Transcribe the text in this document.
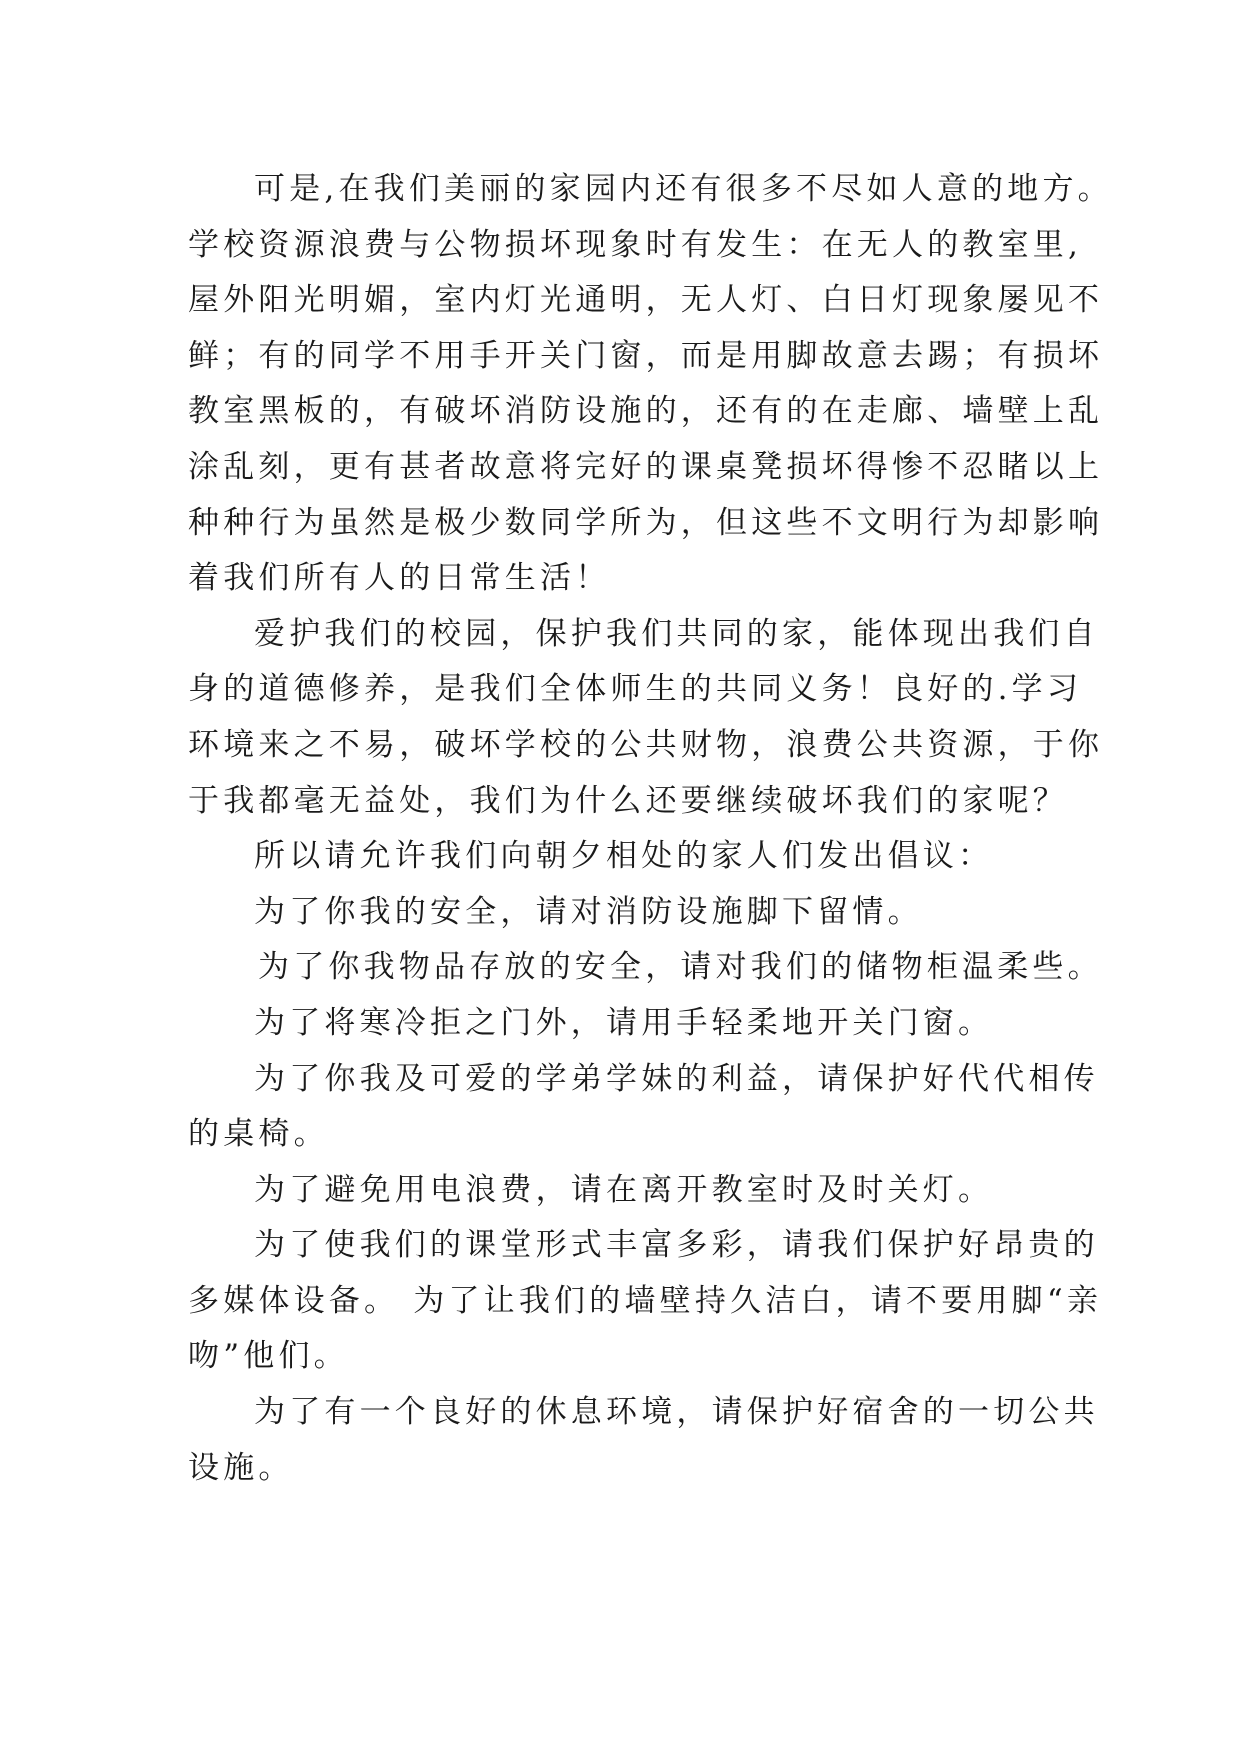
可是,在我们美丽的家园内还有很多不尽如人意的地方。
学校资源浪费与公物损坏现象时有发生：在无人的教室里,
屋外阳光明媚，室内灯光通明，无人灯、白日灯现象屡见不
鲜；有的同学不用手开关门窗，而是用脚故意去踢；有损坏
教室黑板的，有破坏消防设施的，还有的在走廊、墙壁上乱
涂乱刻，更有甚者故意将完好的课桌凳损坏得惨不忍睹以上
种种行为虽然是极少数同学所为，但这些不文明行为却影响
着我们所有人的日常生活！
爱护我们的校园，保护我们共同的家，能体现出我们自
身的道德修养，是我们全体师生的共同义务！良好的.学习
环境来之不易，破坏学校的公共财物，浪费公共资源，于你
于我都毫无益处，我们为什么还要继续破坏我们的家呢？
所以请允许我们向朝夕相处的家人们发出倡议：
为了你我的安全，请对消防设施脚下留情。
为了你我物品存放的安全，请对我们的储物柜温柔些。
为了将寒冷拒之门外，请用手轻柔地开关门窗。
为了你我及可爱的学弟学妹的利益，请保护好代代相传
的桌椅。
为了避免用电浪费，请在离开教室时及时关灯。
为了使我们的课堂形式丰富多彩，请我们保护好昂贵的
多媒体设备。 为了让我们的墙壁持久洁白，请不要用脚“亲
吻”他们。
为了有一个良好的休息环境，请保护好宿舍的一切公共
设施。
